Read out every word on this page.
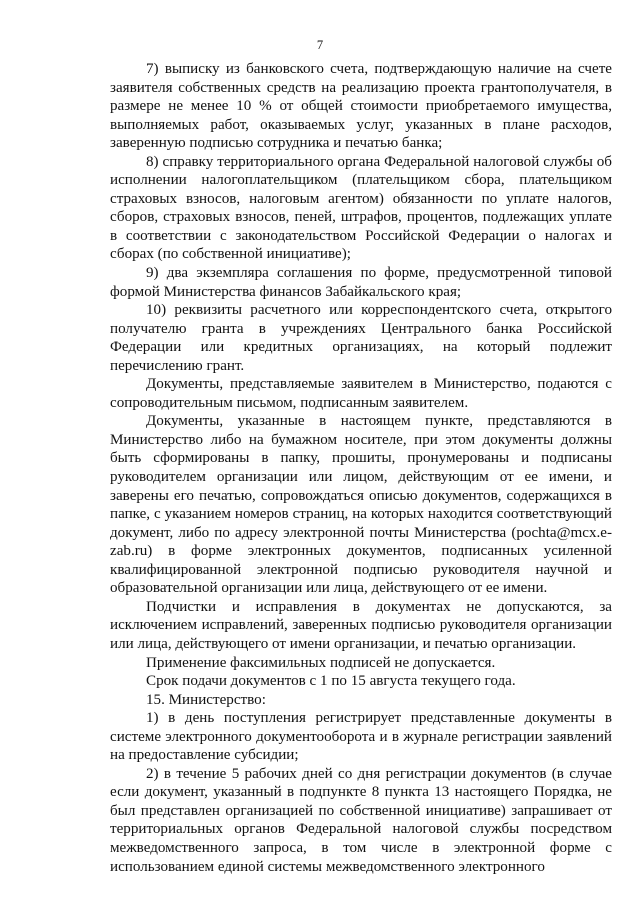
7

7) выписку из банковского счета, подтверждающую наличие на счете заявителя собственных средств на реализацию проекта грантополучателя, в размере не менее 10 % от общей стоимости приобретаемого имущества, выполняемых работ, оказываемых услуг, указанных в плане расходов, заверенную подписью сотрудника и печатью банка;

8) справку территориального органа Федеральной налоговой службы об исполнении налогоплательщиком (плательщиком сбора, плательщиком страховых взносов, налоговым агентом) обязанности по уплате налогов, сборов, страховых взносов, пеней, штрафов, процентов, подлежащих уплате в соответствии с законодательством Российской Федерации о налогах и сборах (по собственной инициативе);

9) два экземпляра соглашения по форме, предусмотренной типовой формой Министерства финансов Забайкальского края;

10) реквизиты расчетного или корреспондентского счета, открытого получателю гранта в учреждениях Центрального банка Российской Федерации или кредитных организациях, на который подлежит перечислению грант.

Документы, представляемые заявителем в Министерство, подаются с сопроводительным письмом, подписанным заявителем.

Документы, указанные в настоящем пункте, представляются в Министерство либо на бумажном носителе, при этом документы должны быть сформированы в папку, прошиты, пронумерованы и подписаны руководителем организации или лицом, действующим от ее имени, и заверены его печатью, сопровождаться описью документов, содержащихся в папке, с указанием номеров страниц, на которых находится соответствующий документ, либо по адресу электронной почты Министерства (pochta@mcx.e-zab.ru) в форме электронных документов, подписанных усиленной квалифицированной электронной подписью руководителя научной и образовательной организации или лица, действующего от ее имени.

Подчистки и исправления в документах не допускаются, за исключением исправлений, заверенных подписью руководителя организации или лица, действующего от имени организации, и печатью организации.

Применение факсимильных подписей не допускается.

Срок подачи документов с 1 по 15 августа текущего года.

15. Министерство:

1) в день поступления регистрирует представленные документы в системе электронного документооборота и в журнале регистрации заявлений на предоставление субсидии;

2) в течение 5 рабочих дней со дня регистрации документов (в случае если документ, указанный в подпункте 8 пункта 13 настоящего Порядка, не был представлен организацией по собственной инициативе) запрашивает от территориальных органов Федеральной налоговой службы посредством межведомственного запроса, в том числе в электронной форме с использованием единой системы межведомственного электронного
